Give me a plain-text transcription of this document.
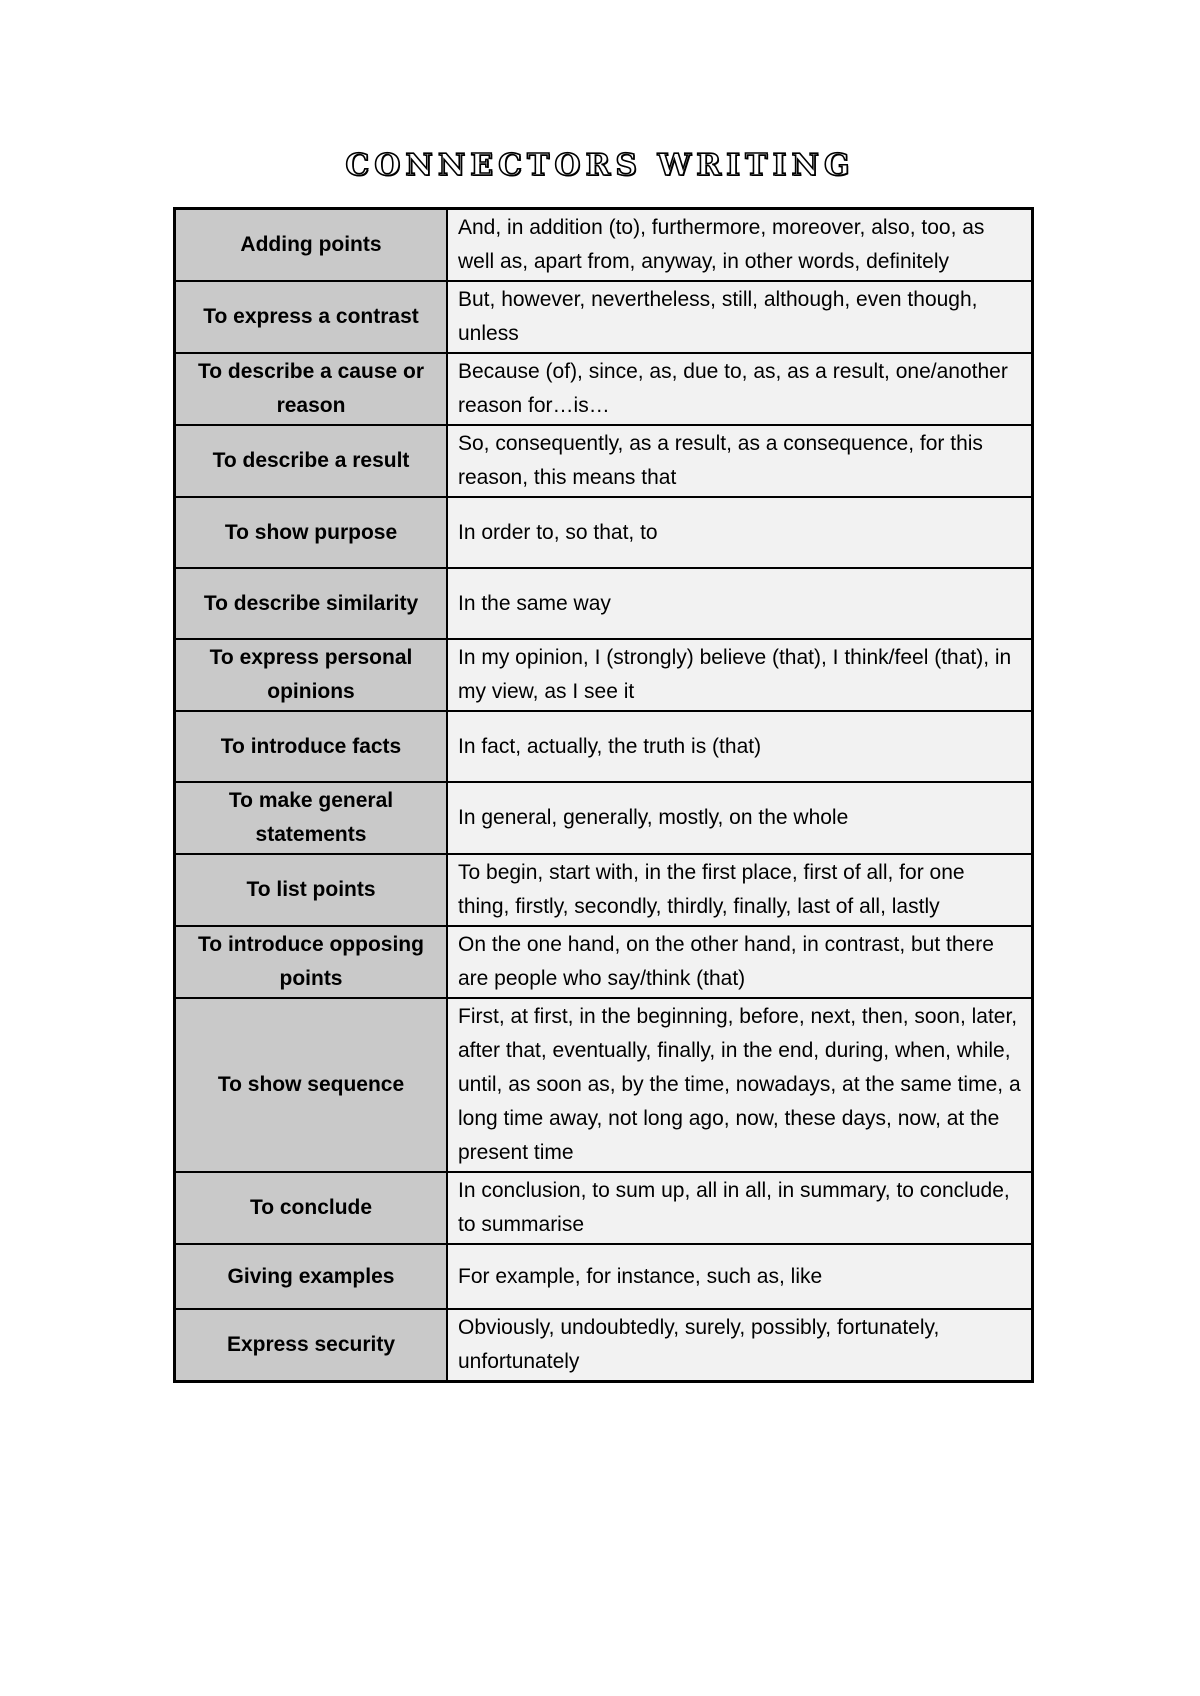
CONNECTORS WRITING
Adding points	And, in addition (to), furthermore, moreover, also, too, as well as, apart from, anyway, in other words, definitely
To express a contrast	But, however, nevertheless, still, although, even though, unless
To describe a cause or reason	Because (of), since, as, due to, as, as a result, one/another reason for…is…
To describe a result	So, consequently, as a result, as a consequence, for this reason, this means that
To show purpose	In order to, so that, to
To describe similarity	In the same way
To express personal opinions	In my opinion, I (strongly) believe (that), I think/feel (that), in my view, as I see it
To introduce facts	In fact, actually, the truth is (that)
To make general statements	In general, generally, mostly, on the whole
To list points	To begin, start with, in the first place, first of all, for one thing, firstly, secondly, thirdly, finally, last of all, lastly
To introduce opposing points	On the one hand, on the other hand, in contrast, but there are people who say/think (that)
To show sequence	First, at first, in the beginning, before, next, then, soon, later, after that, eventually, finally, in the end, during, when, while, until, as soon as, by the time, nowadays, at the same time, a long time away, not long ago, now, these days, now, at the present time
To conclude	In conclusion, to sum up, all in all, in summary, to conclude, to summarise
Giving examples	For example, for instance, such as, like
Express security	Obviously, undoubtedly, surely, possibly, fortunately, unfortunately
